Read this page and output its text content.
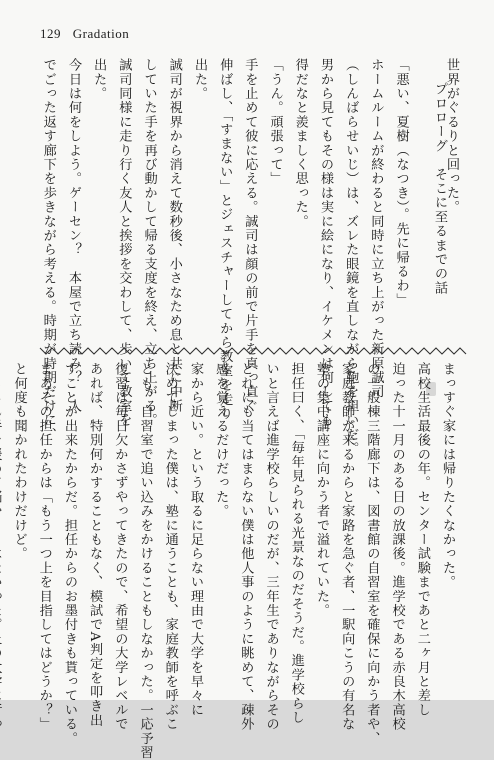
129 Gradation
プロローグ　そこに至るまでの話
世界がぐるりと回った。

「悪い、夏樹（なつき）。先に帰るわ」
ホームルームが終わると同時に立ち上がった新原誠司
（しんばらせいじ）は、ズレた眼鏡を直しながら鞄を担いだ。
男から見てもその様は実に絵になり、イケメンは何しても
得だなと羨ましく思った。
「うん。頑張って」
手を止めて彼に応える。誠司は顔の前で片手を真っ直ぐ
伸ばし、「すまない」とジェスチャーしてから教室を走り
出た。
誠司が視界から消えて数秒後、小さなため息と共に中断
していた手を再び動かして帰る支度を終え、立ち上がる。
誠司同様に走り行く友人と挨拶を交わして、歩いて教室を
出た。
今日は何をしよう。ゲーセン？　本屋で立ち読み？　人
でごった返す廊下を歩きながら考える。時期が時期だけに、
まっすぐ家には帰りたくなかった。
高校生活最後の年。センター試験まであと二ヶ月と差し
迫った十一月のある日の放課後。進学校である赤良木高校
の一般棟三階廊下は、図書館の自習室を確保に向かう者や、
家庭教師が来るからと家路を急ぐ者、一駅向こうの有名な
塾の集中講座に向かう者で溢れていた。
担任曰く、「毎年見られる光景なのだそうだ。進学校らし
いと言えば進学校らしいのだが、三年生でありながらその
どれにも当てはまらない僕は他人事のように眺めて、疎外
感を覚えるだけだった。
家から近い。という取るに足らない理由で大学を早々に
決めてしまった僕は、塾に通うことも、家庭教師を呼ぶこ
とも、自習室で追い込みをかけることもしなかった。一応予習
復習は毎日欠かさずやってきたので、希望の大学レベルで
あれば、特別何かすることもなく、模試でA判定を叩き出
すことが出来たからだ。担任からのお墨付きも貰っている。
まあその担任からは「もう一つ上を目指してはどうか？」
と何度も聞かれたわけだけど。
